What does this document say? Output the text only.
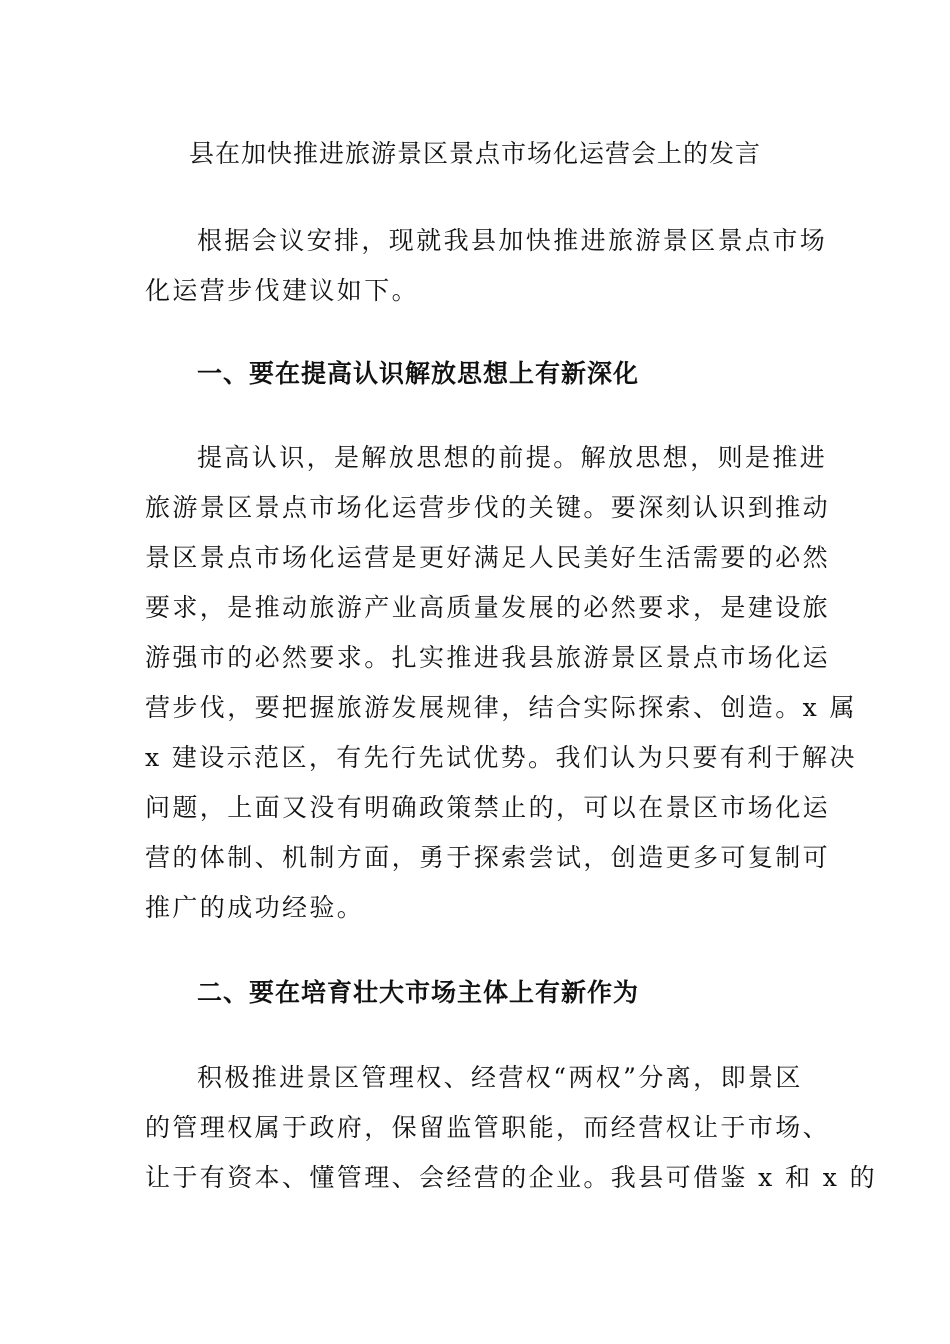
县在加快推进旅游景区景点市场化运营会上的发言
根据会议安排，现就我县加快推进旅游景区景点市场
化运营步伐建议如下。
一、要在提高认识解放思想上有新深化
提高认识，是解放思想的前提。解放思想，则是推进
旅游景区景点市场化运营步伐的关键。要深刻认识到推动
景区景点市场化运营是更好满足人民美好生活需要的必然
要求，是推动旅游产业高质量发展的必然要求，是建设旅
游强市的必然要求。扎实推进我县旅游景区景点市场化运
营步伐，要把握旅游发展规律，结合实际探索、创造。x 属
x 建设示范区，有先行先试优势。我们认为只要有利于解决
问题，上面又没有明确政策禁止的，可以在景区市场化运
营的体制、机制方面，勇于探索尝试，创造更多可复制可
推广的成功经验。
二、要在培育壮大市场主体上有新作为
积极推进景区管理权、经营权“两权”分离，即景区
的管理权属于政府，保留监管职能，而经营权让于市场、
让于有资本、懂管理、会经营的企业。我县可借鉴 x 和 x 的
